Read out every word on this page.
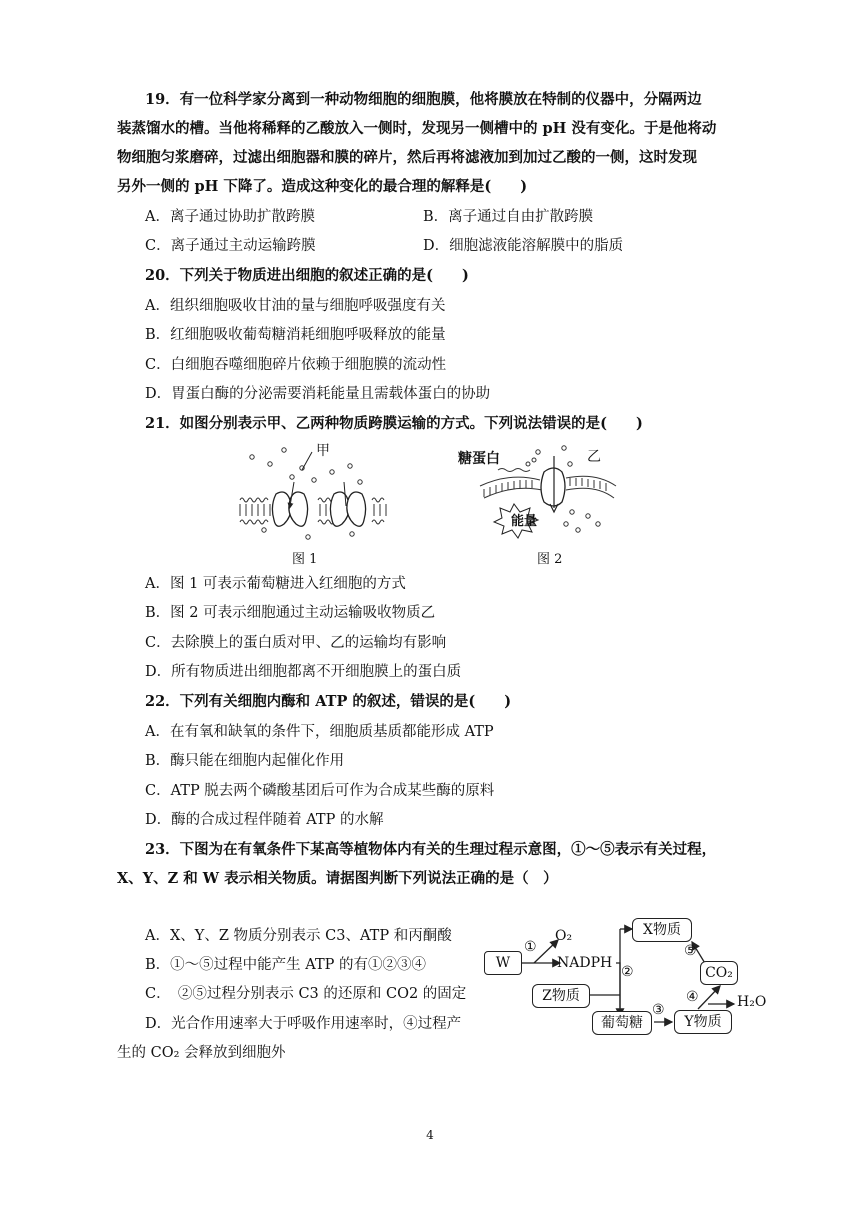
19．有一位科学家分离到一种动物细胞的细胞膜，他将膜放在特制的仪器中，分隔两边
装蒸馏水的槽。当他将稀释的乙酸放入一侧时，发现另一侧槽中的 pH 没有变化。于是他将动
物细胞匀浆磨碎，过滤出细胞器和膜的碎片，然后再将滤液加到加过乙酸的一侧，这时发现
另外一侧的 pH 下降了。造成这种变化的最合理的解释是(　　)
A．离子通过协助扩散跨膜	B．离子通过自由扩散跨膜
C．离子通过主动运输跨膜	D．细胞滤液能溶解膜中的脂质
20．下列关于物质进出细胞的叙述正确的是(　　)
A．组织细胞吸收甘油的量与细胞呼吸强度有关
B．红细胞吸收葡萄糖消耗细胞呼吸释放的能量
C．白细胞吞噬细胞碎片依赖于细胞膜的流动性
D．胃蛋白酶的分泌需要消耗能量且需载体蛋白的协助
21．如图分别表示甲、乙两种物质跨膜运输的方式。下列说法错误的是(　　)
甲
图 1
糖蛋白	乙
能量
图 2
A．图 1 可表示葡萄糖进入红细胞的方式
B．图 2 可表示细胞通过主动运输吸收物质乙
C．去除膜上的蛋白质对甲、乙的运输均有影响
D．所有物质进出细胞都离不开细胞膜上的蛋白质
22．下列有关细胞内酶和 ATP 的叙述，错误的是(　　)
A．在有氧和缺氧的条件下，细胞质基质都能形成 ATP
B．酶只能在细胞内起催化作用
C．ATP 脱去两个磷酸基团后可作为合成某些酶的原料
D．酶的合成过程伴随着 ATP 的水解
23．下图为在有氧条件下某高等植物体内有关的生理过程示意图，①～⑤表示有关过程，
X、Y、Z 和 W 表示相关物质。请据图判断下列说法正确的是（　）
A．X、Y、Z 物质分别表示 C3、ATP 和丙酮酸
B．①～⑤过程中能产生 ATP 的有①②③④
C．　②⑤过程分别表示 C3 的还原和 CO2 的固定
D．光合作用速率大于呼吸作用速率时，④过程产
生的 CO₂ 会释放到细胞外
W
O₂
NADPH
X物质
CO₂
Z物质
葡萄糖	Y物质
H₂O
①
②
③
④
⑤
4
